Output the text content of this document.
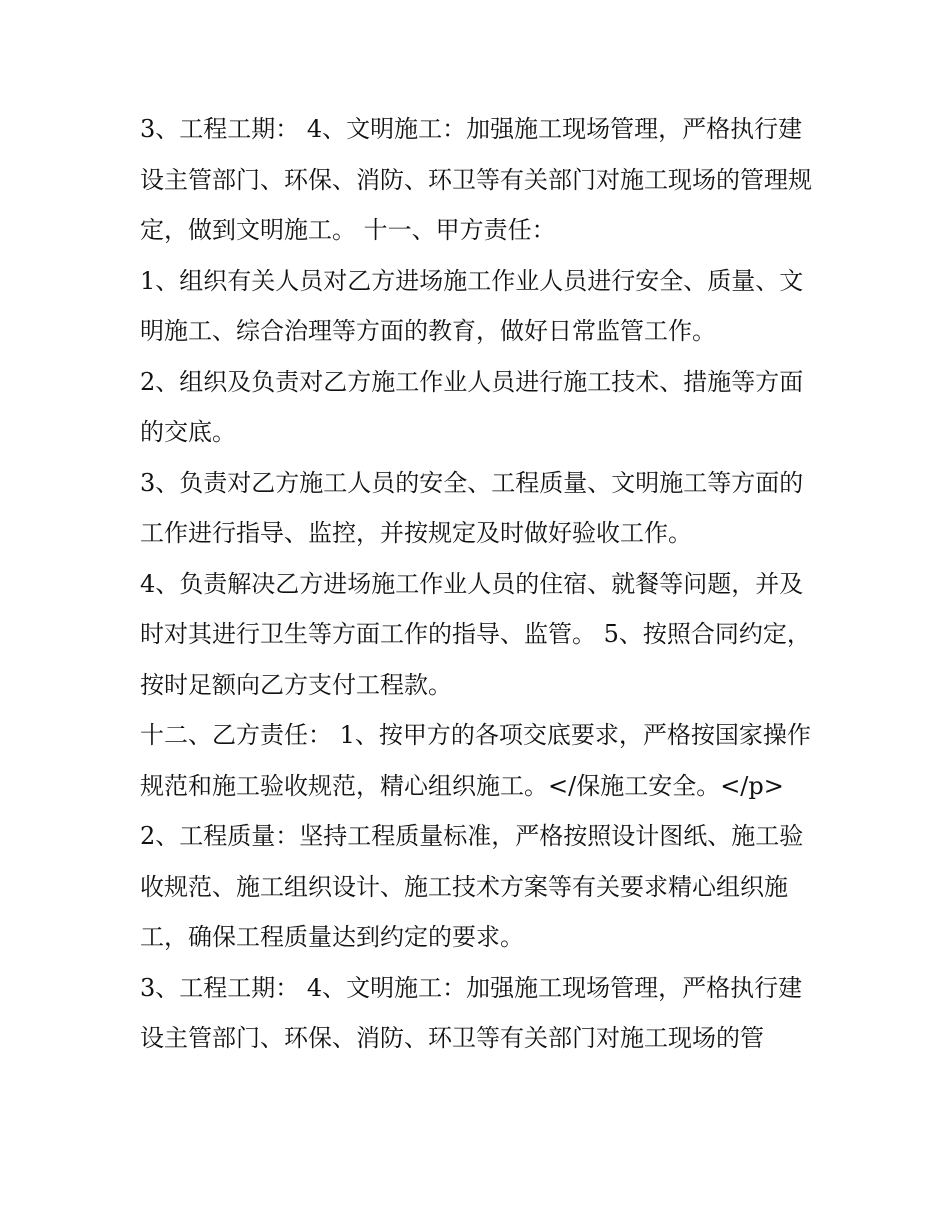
3、工程工期： 4、文明施工：加强施工现场管理，严格执行建设主管部门、环保、消防、环卫等有关部门对施工现场的管理规定，做到文明施工。 十一、甲方责任：

1、组织有关人员对乙方进场施工作业人员进行安全、质量、文明施工、综合治理等方面的教育，做好日常监管工作。

2、组织及负责对乙方施工作业人员进行施工技术、措施等方面的交底。

3、负责对乙方施工人员的安全、工程质量、文明施工等方面的工作进行指导、监控，并按规定及时做好验收工作。

4、负责解决乙方进场施工作业人员的住宿、就餐等问题，并及时对其进行卫生等方面工作的指导、监管。 5、按照合同约定，按时足额向乙方支付工程款。

十二、乙方责任： 1、按甲方的各项交底要求，严格按国家操作规范和施工验收规范，精心组织施工。</保施工安全。</p>

2、工程质量：坚持工程质量标准，严格按照设计图纸、施工验收规范、施工组织设计、施工技术方案等有关要求精心组织施工，确保工程质量达到约定的要求。

3、工程工期： 4、文明施工：加强施工现场管理，严格执行建设主管部门、环保、消防、环卫等有关部门对施工现场的管
